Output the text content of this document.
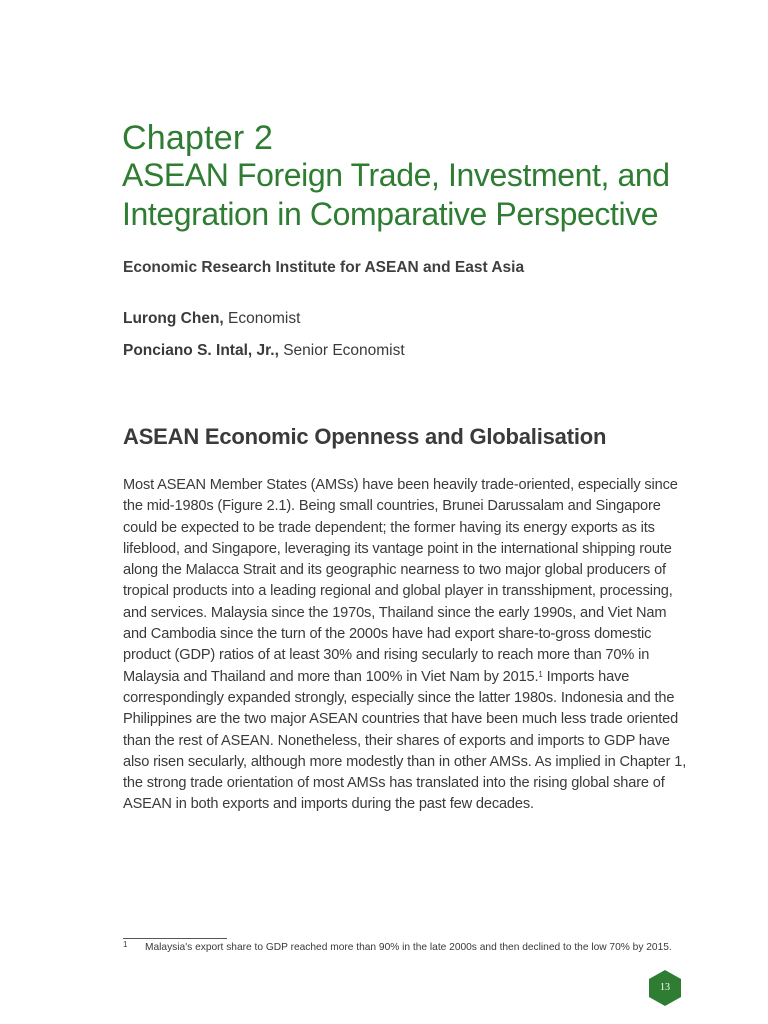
Chapter 2
ASEAN Foreign Trade, Investment, and Integration in Comparative Perspective

Economic Research Institute for ASEAN and East Asia

Lurong Chen, Economist

Ponciano S. Intal, Jr., Senior Economist

ASEAN Economic Openness and Globalisation

Most ASEAN Member States (AMSs) have been heavily trade-oriented, especially since the mid-1980s (Figure 2.1). Being small countries, Brunei Darussalam and Singapore could be expected to be trade dependent; the former having its energy exports as its lifeblood, and Singapore, leveraging its vantage point in the international shipping route along the Malacca Strait and its geographic nearness to two major global producers of tropical products into a leading regional and global player in transshipment, processing, and services. Malaysia since the 1970s, Thailand since the early 1990s, and Viet Nam and Cambodia since the turn of the 2000s have had export share-to-gross domestic product (GDP) ratios of at least 30% and rising secularly to reach more than 70% in Malaysia and Thailand and more than 100% in Viet Nam by 2015.$^1$ Imports have correspondingly expanded strongly, especially since the latter 1980s. Indonesia and the Philippines are the two major ASEAN countries that have been much less trade oriented than the rest of ASEAN. Nonetheless, their shares of exports and imports to GDP have also risen secularly, although more modestly than in other AMSs. As implied in Chapter 1, the strong trade orientation of most AMSs has translated into the rising global share of ASEAN in both exports and imports during the past few decades.

1 Malaysia's export share to GDP reached more than 90% in the late 2000s and then declined to the low 70% by 2015.

13
